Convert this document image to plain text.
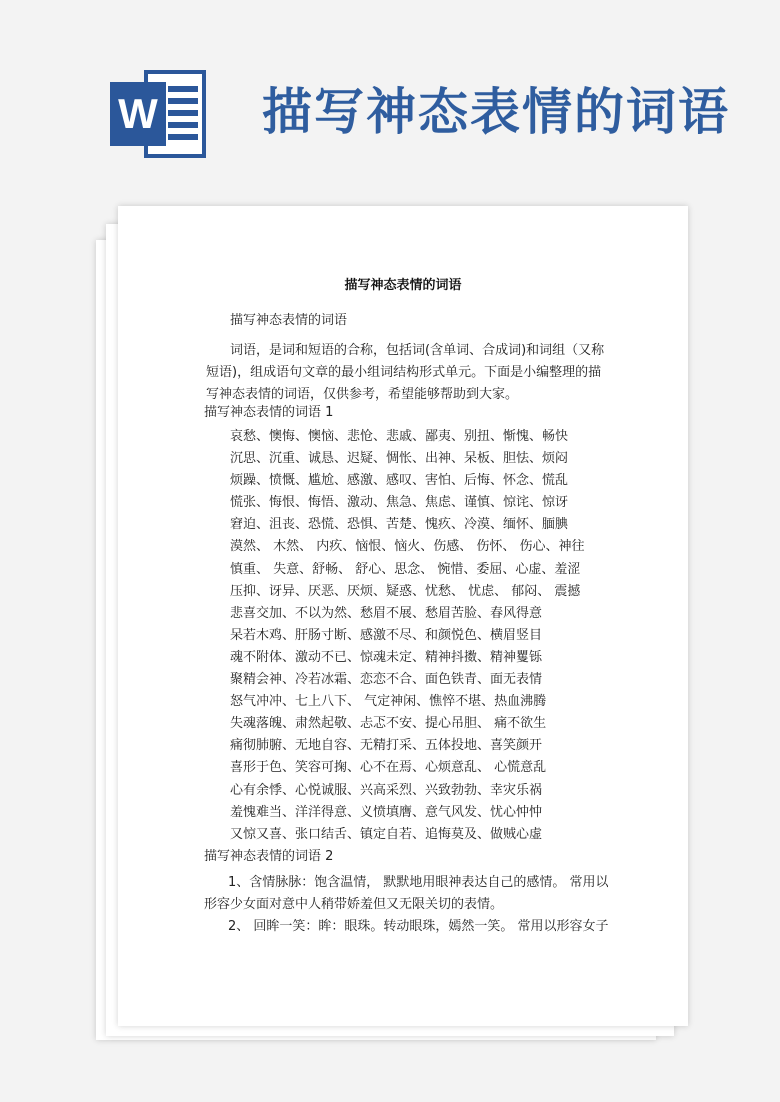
W 描写神态表情的词语
描写神态表情的词语
描写神态表情的词语
词语，是词和短语的合称，包括词(含单词、合成词)和词组（又称短语)，组成语句文章的最小组词结构形式单元。下面是小编整理的描写神态表情的词语，仅供参考，希望能够帮助到大家。
描写神态表情的词语 1
哀愁、懊悔、懊恼、悲怆、悲戚、鄙夷、别扭、惭愧、畅快
沉思、沉重、诚恳、迟疑、惆怅、出神、呆板、胆怯、烦闷
烦躁、愤慨、尴尬、感激、感叹、害怕、后悔、怀念、慌乱
慌张、悔恨、悔悟、激动、焦急、焦虑、谨慎、惊诧、惊讶
窘迫、沮丧、恐慌、恐惧、苦楚、愧疚、冷漠、缅怀、腼腆
漠然、 木然、 内疚、恼恨、恼火、伤感、 伤怀、 伤心、神往
慎重、 失意、舒畅、 舒心、思念、 惋惜、委屈、心虚、羞涩
压抑、讶异、厌恶、厌烦、疑惑、忧愁、 忧虑、 郁闷、 震撼
悲喜交加、不以为然、愁眉不展、愁眉苦脸、春风得意
呆若木鸡、肝肠寸断、感激不尽、和颜悦色、横眉竖目
魂不附体、激动不已、惊魂未定、精神抖擞、精神矍铄
聚精会神、冷若冰霜、恋恋不合、面色铁青、面无表情
怒气冲冲、七上八下、 气定神闲、憔悴不堪、热血沸腾
失魂落魄、肃然起敬、忐忑不安、提心吊胆、 痛不欲生
痛彻肺腑、无地自容、无精打采、五体投地、喜笑颜开
喜形于色、笑容可掬、心不在焉、心烦意乱、 心慌意乱
心有余悸、心悦诚服、兴高采烈、兴致勃勃、幸灾乐祸
羞愧难当、洋洋得意、义愤填膺、意气风发、忧心忡忡
又惊又喜、张口结舌、镇定自若、追悔莫及、做贼心虚
描写神态表情的词语 2
1、含情脉脉：饱含温情， 默默地用眼神表达自己的感情。 常用以形容少女面对意中人稍带娇羞但又无限关切的表情。
2、 回眸一笑：眸：眼珠。转动眼珠，嫣然一笑。 常用以形容女子
